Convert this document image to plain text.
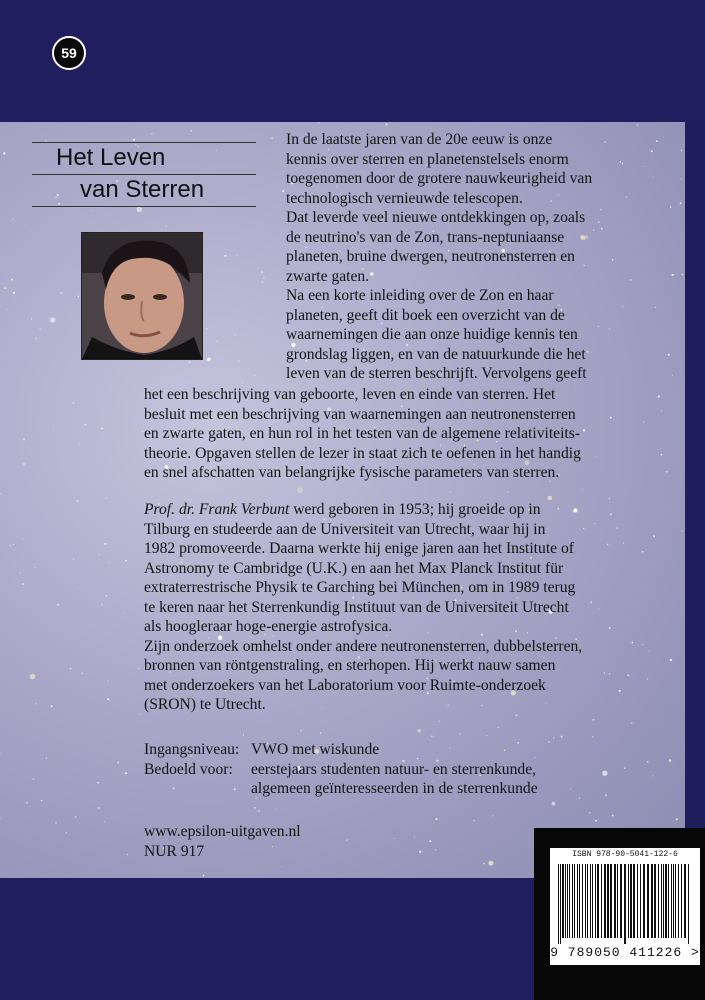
59
Het Leven
van Sterren
In de laatste jaren van de 20e eeuw is onze
kennis over sterren en planetenstelsels enorm
toegenomen door de grotere nauwkeurigheid van
technologisch vernieuwde telescopen.
Dat leverde veel nieuwe ontdekkingen op, zoals
de neutrino's van de Zon, trans-neptuniaanse
planeten, bruine dwergen, neutronensterren en
zwarte gaten.
Na een korte inleiding over de Zon en haar
planeten, geeft dit boek een overzicht van de
waarnemingen die aan onze huidige kennis ten
grondslag liggen, en van de natuurkunde die het
leven van de sterren beschrijft. Vervolgens geeft
het een beschrijving van geboorte, leven en einde van sterren. Het
besluit met een beschrijving van waarnemingen aan neutronensterren
en zwarte gaten, en hun rol in het testen van de algemene relativiteits-
theorie. Opgaven stellen de lezer in staat zich te oefenen in het handig
en snel afschatten van belangrijke fysische parameters van sterren.
Prof. dr. Frank Verbunt werd geboren in 1953; hij groeide op in
Tilburg en studeerde aan de Universiteit van Utrecht, waar hij in
1982 promoveerde. Daarna werkte hij enige jaren aan het Institute of
Astronomy te Cambridge (U.K.) en aan het Max Planck Institut für
extraterrestrische Physik te Garching bei München, om in 1989 terug
te keren naar het Sterrenkundig Instituut van de Universiteit Utrecht
als hoogleraar hoge-energie astrofysica.
Zijn onderzoek omhelst onder andere neutronensterren, dubbelsterren,
bronnen van röntgenstraling, en sterhopen. Hij werkt nauw samen
met onderzoekers van het Laboratorium voor Ruimte-onderzoek
(SRON) te Utrecht.
Ingangsniveau: VWO met wiskunde
Bedoeld voor:	eerstejaars studenten natuur- en sterrenkunde,
algemeen geïnteresseerden in de sterrenkunde
www.epsilon-uitgaven.nl
NUR 917	ISBN 978-90-5041-122-6
9 789050 411226 >
